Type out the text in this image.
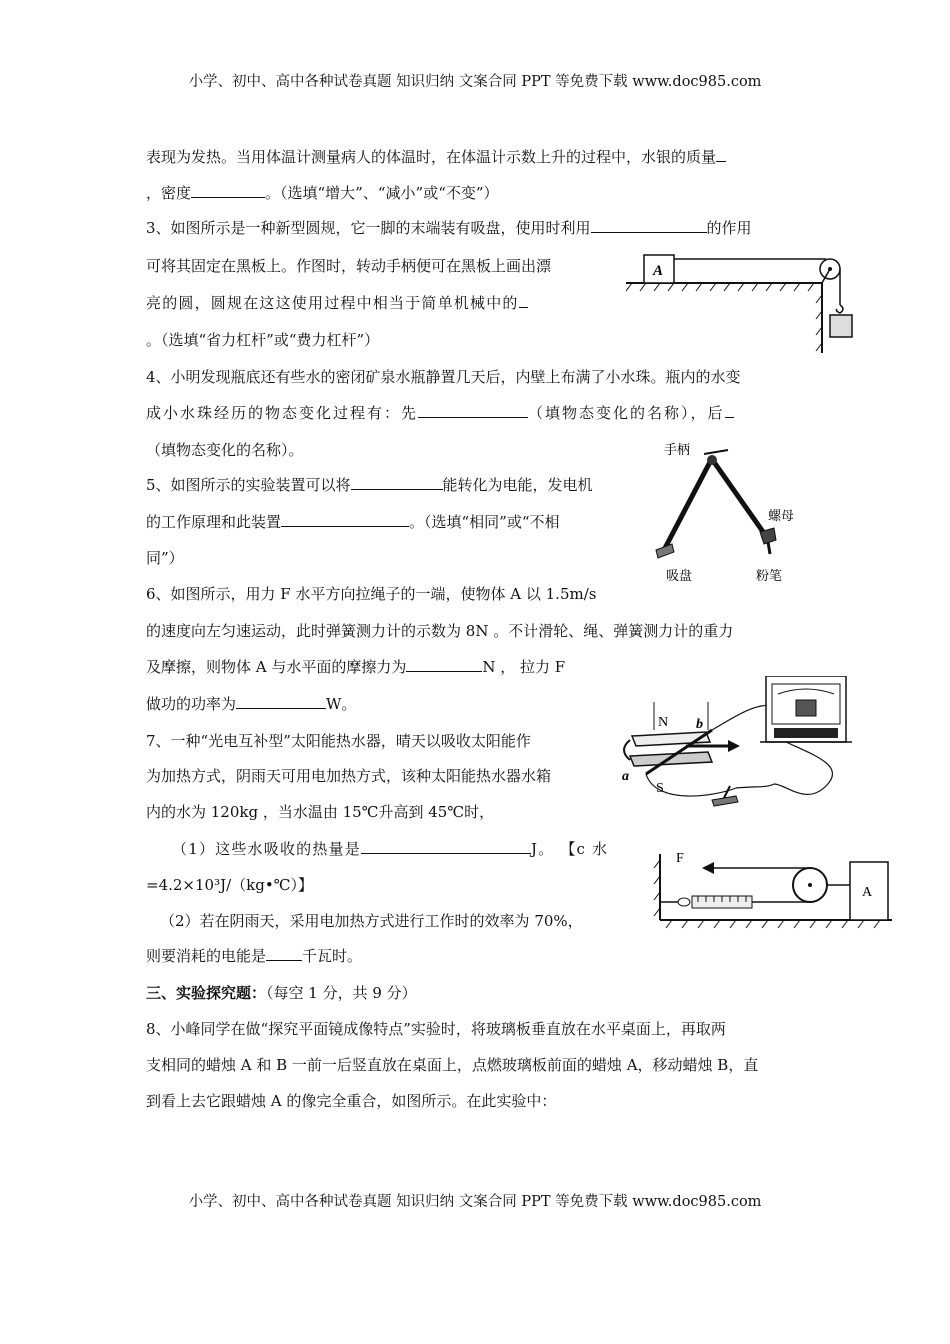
小学、初中、高中各种试卷真题 知识归纳 文案合同 PPT 等免费下载 www.doc985.com
表现为发热。当用体温计测量病人的体温时，在体温计示数上升的过程中，水银的质量
，密度	。（选填“增大”、“减小”或“不变”）
3、如图所示是一种新型圆规，它一脚的末端装有吸盘，使用时利用	的作用
可将其固定在黑板上。作图时，转动手柄便可在黑板上画出漂
亮的圆，圆规在这这使用过程中相当于简单机械中的
。（选填“省力杠杆”或“费力杠杆”）
4、小明发现瓶底还有些水的密闭矿泉水瓶静置几天后，内壁上布满了小水珠。瓶内的水变
成小水珠经历的物态变化过程有：先	（填物态变化的名称），后
（填物态变化的名称）。
5、如图所示的实验装置可以将	能转化为电能，发电机
的工作原理和此装置	。（选填“相同”或“不相
同”）
6、如图所示，用力 F 水平方向拉绳子的一端，使物体 A 以 1.5m/s
的速度向左匀速运动，此时弹簧测力计的示数为 8N 。不计滑轮、绳、弹簧测力计的重力
及摩擦，则物体 A 与水平面的摩擦力为	N ， 拉力 F
做功的功率为	W。
7、一种“光电互补型”太阳能热水器，晴天以吸收太阳能作
为加热方式，阴雨天可用电加热方式，该种太阳能热水器水箱
内的水为 120kg ，当水温由 15℃升高到 45℃时，
（1）这些水吸收的热量是	J。 【c 水
=4.2×10³J/（kg•℃）】
（2）若在阴雨天，采用电加热方式进行工作时的效率为 70%，
则要消耗的电能是 千瓦时。
三、实验探究题：（每空 1 分，共 9 分）
8、小峰同学在做“探究平面镜成像特点”实验时，将玻璃板垂直放在水平桌面上，再取两
支相同的蜡烛 A 和 B 一前一后竖直放在桌面上，点燃玻璃板前面的蜡烛 A，移动蜡烛 B，直
到看上去它跟蜡烛 A 的像完全重合，如图所示。在此实验中：
A
手柄
螺母
吸盘	粉笔
N
S
a
b
F
A
小学、初中、高中各种试卷真题 知识归纳 文案合同 PPT 等免费下载 www.doc985.com
